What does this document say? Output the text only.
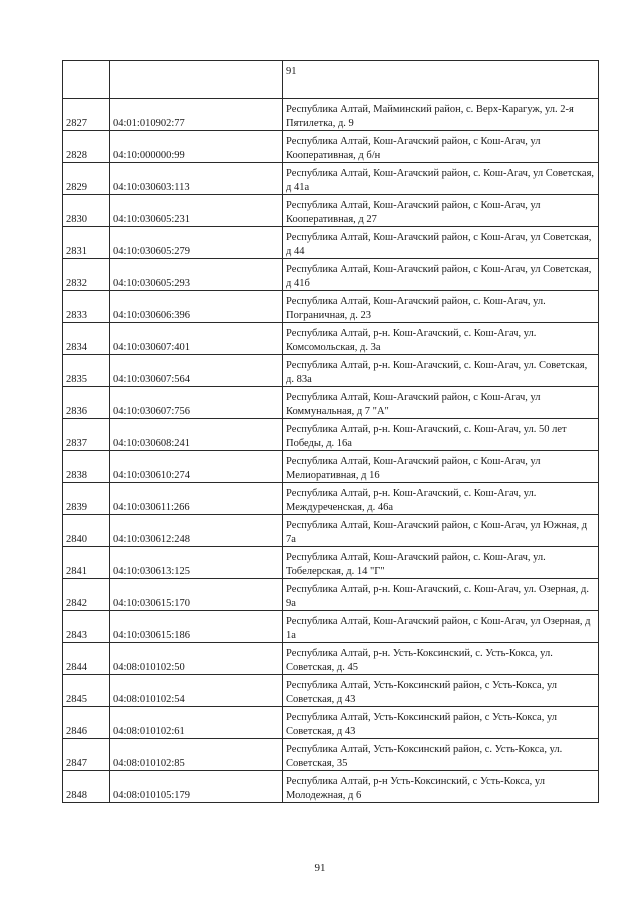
		91
2827	04:01:010902:77	Республика Алтай, Майминский район, с. Верх-Карагуж, ул. 2-я Пятилетка, д. 9
2828	04:10:000000:99	Республика Алтай, Кош-Агачский район, с Кош-Агач, ул Кооперативная, д б/н
2829	04:10:030603:113	Республика Алтай, Кош-Агачский район, с. Кош-Агач, ул Советская, д 41а
2830	04:10:030605:231	Республика Алтай, Кош-Агачский район, с Кош-Агач, ул Кооперативная, д 27
2831	04:10:030605:279	Республика Алтай, Кош-Агачский район, с Кош-Агач, ул Советская, д 44
2832	04:10:030605:293	Республика Алтай, Кош-Агачский район, с Кош-Агач, ул Советская, д 41б
2833	04:10:030606:396	Республика Алтай, Кош-Агачский район, с. Кош-Агач, ул. Пограничная, д. 23
2834	04:10:030607:401	Республика Алтай, р-н. Кош-Агачский, с. Кош-Агач, ул. Комсомольская, д. 3а
2835	04:10:030607:564	Республика Алтай, р-н. Кош-Агачский, с. Кош-Агач, ул. Советская, д. 83а
2836	04:10:030607:756	Республика Алтай, Кош-Агачский район, с Кош-Агач, ул Коммунальная, д 7 "А"
2837	04:10:030608:241	Республика Алтай, р-н. Кош-Агачский, с. Кош-Агач, ул. 50 лет Победы, д. 16а
2838	04:10:030610:274	Республика Алтай, Кош-Агачский район, с Кош-Агач, ул Мелиоративная, д 16
2839	04:10:030611:266	Республика Алтай, р-н. Кош-Агачский, с. Кош-Агач, ул. Междуреченская, д. 46а
2840	04:10:030612:248	Республика Алтай, Кош-Агачский район, с Кош-Агач, ул Южная, д 7а
2841	04:10:030613:125	Республика Алтай, Кош-Агачский район, с. Кош-Агач, ул. Тобелерская, д. 14 "Г"
2842	04:10:030615:170	Республика Алтай, р-н. Кош-Агачский, с. Кош-Агач, ул. Озерная, д. 9а
2843	04:10:030615:186	Республика Алтай, Кош-Агачский район, с Кош-Агач, ул Озерная, д 1а
2844	04:08:010102:50	Республика Алтай, р-н. Усть-Коксинский, с. Усть-Кокса, ул. Советская, д. 45
2845	04:08:010102:54	Республика Алтай, Усть-Коксинский район, с Усть-Кокса, ул Советская, д 43
2846	04:08:010102:61	Республика Алтай, Усть-Коксинский район, с Усть-Кокса, ул Советская, д 43
2847	04:08:010102:85	Республика Алтай, Усть-Коксинский район, с. Усть-Кокса, ул. Советская, 35
2848	04:08:010105:179	Республика Алтай, р-н Усть-Коксинский, с Усть-Кокса, ул Молодежная, д 6
91
